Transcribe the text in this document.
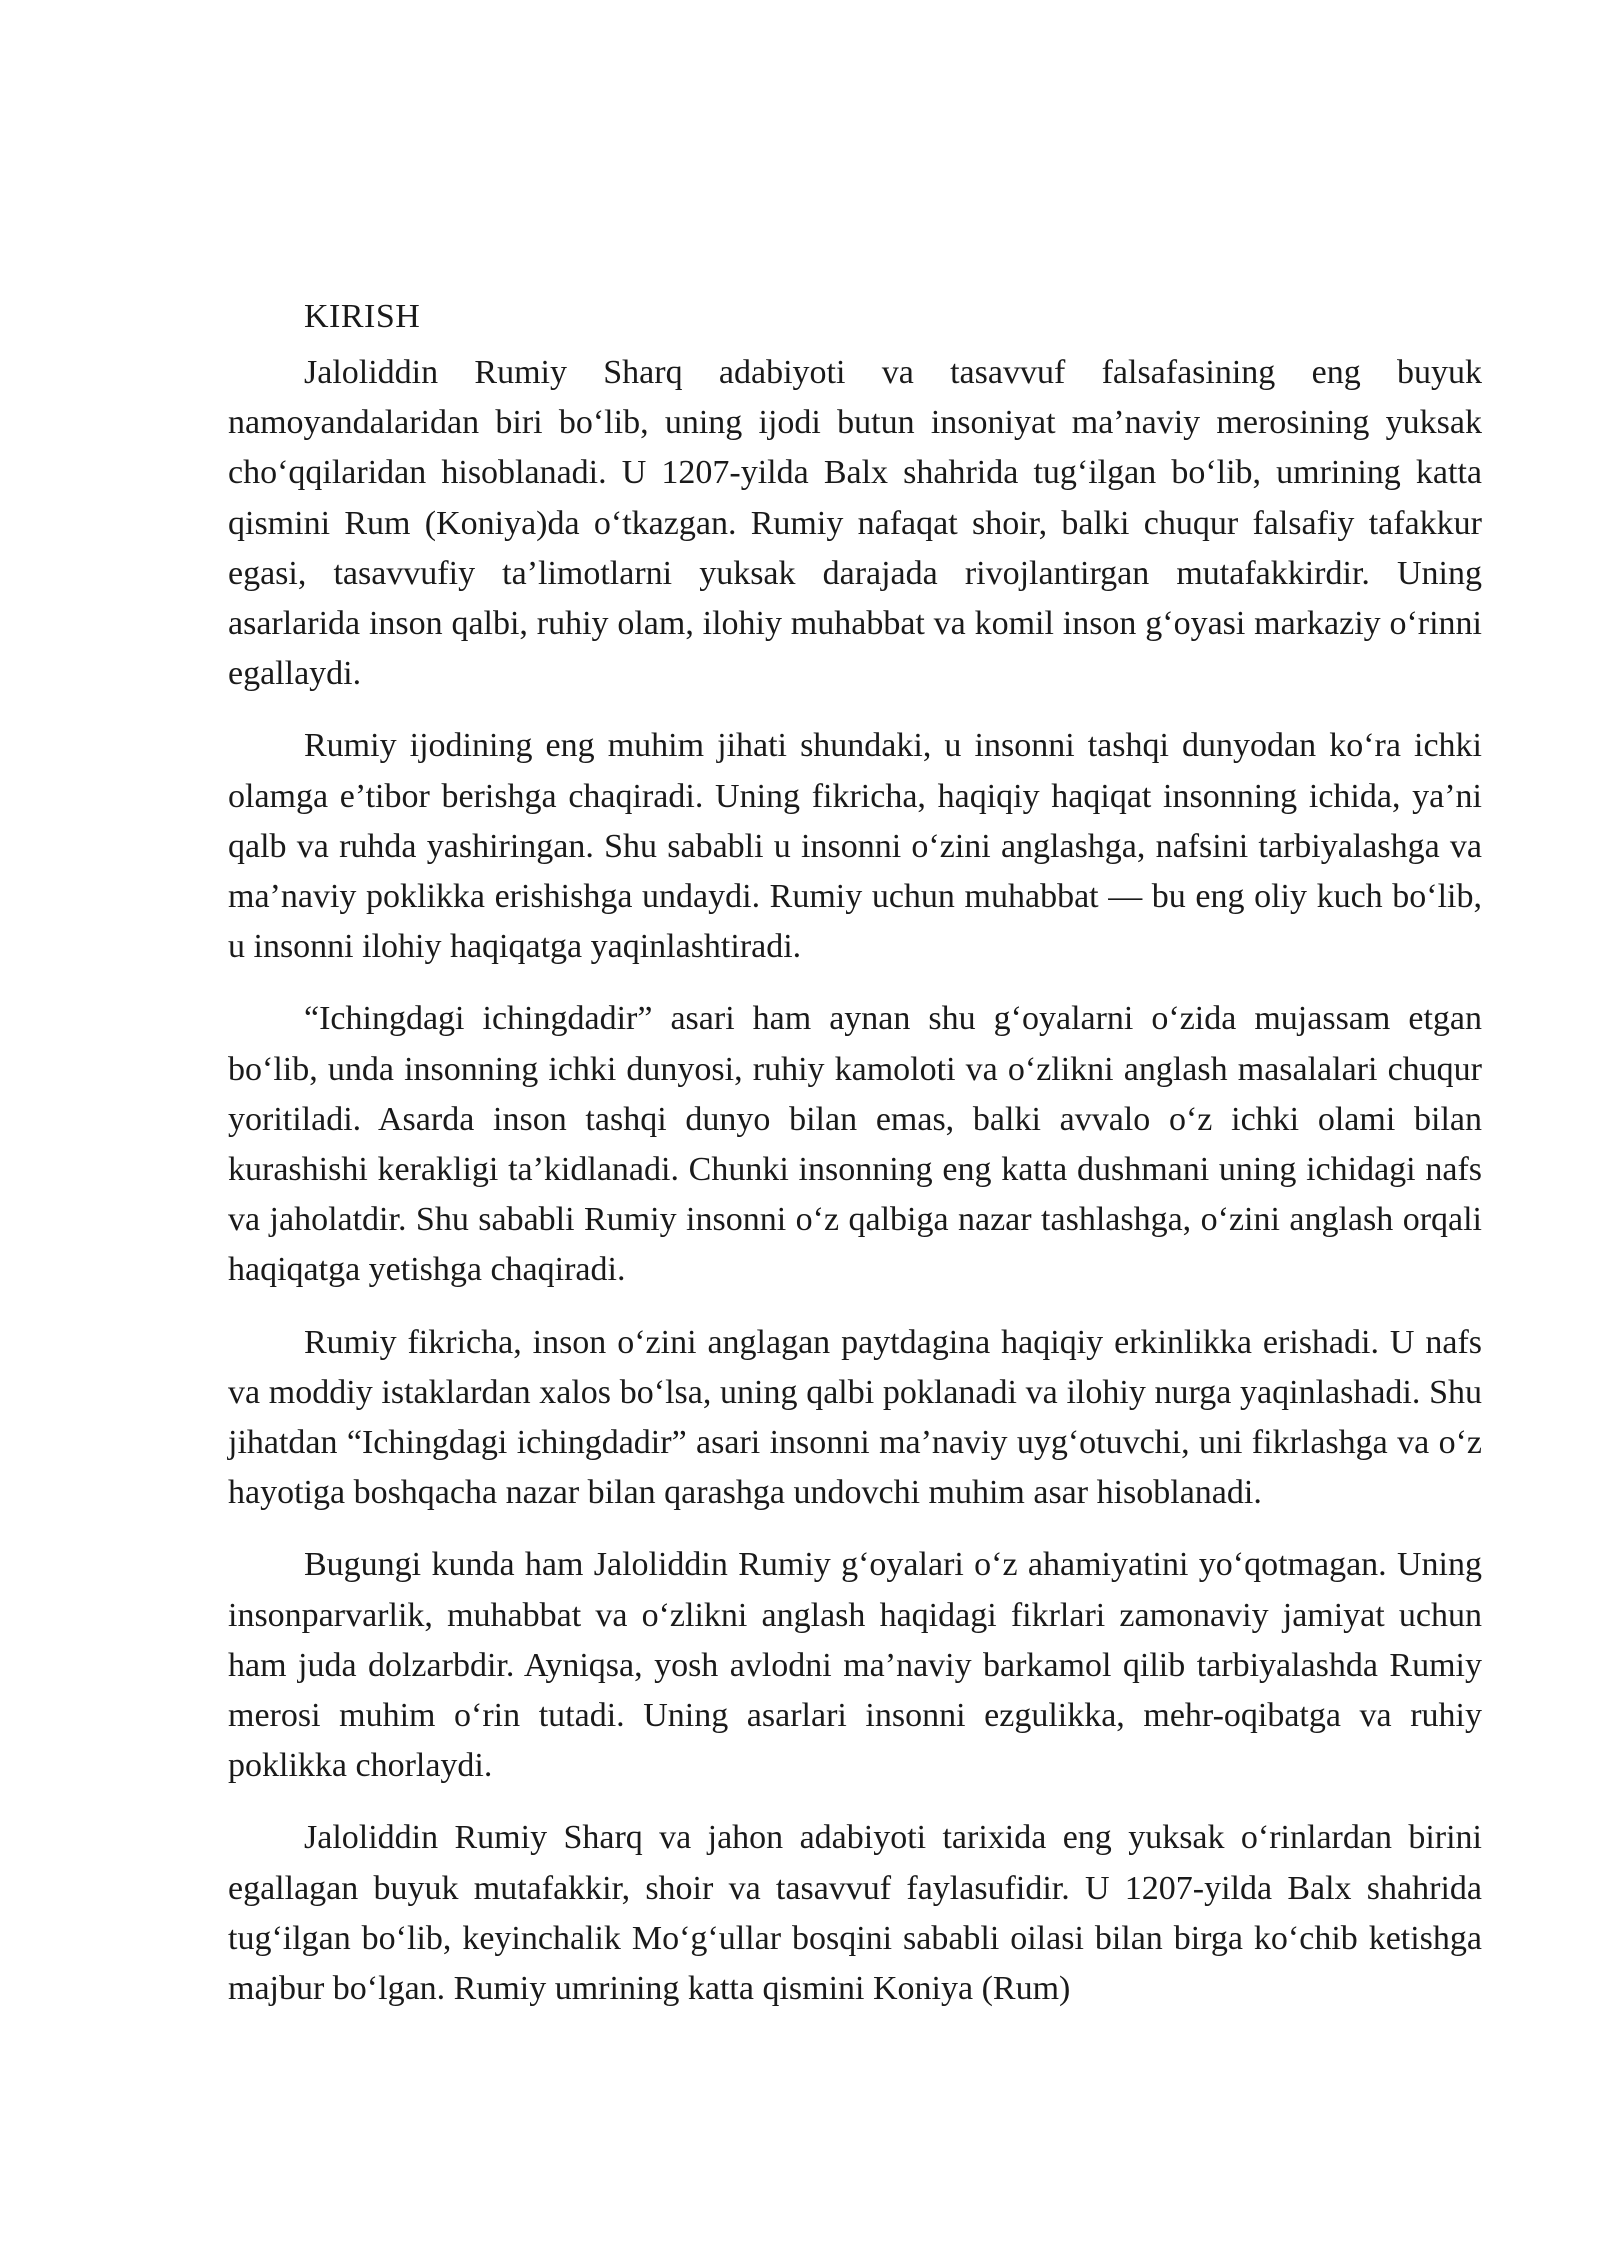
KIRISH

Jaloliddin Rumiy Sharq adabiyoti va tasavvuf falsafasining eng buyuk namoyandalaridan biri bo‘lib, uning ijodi butun insoniyat ma’naviy merosining yuksak cho‘qqilaridan hisoblanadi. U 1207-yilda Balx shahrida tug‘ilgan bo‘lib, umrining katta qismini Rum (Koniya)da o‘tkazgan. Rumiy nafaqat shoir, balki chuqur falsafiy tafakkur egasi, tasavvufiy ta’limotlarni yuksak darajada rivojlantirgan mutafakkirdir. Uning asarlarida inson qalbi, ruhiy olam, ilohiy muhabbat va komil inson g‘oyasi markaziy o‘rinni egallaydi.

Rumiy ijodining eng muhim jihati shundaki, u insonni tashqi dunyodan ko‘ra ichki olamga e’tibor berishga chaqiradi. Uning fikricha, haqiqiy haqiqat insonning ichida, ya’ni qalb va ruhda yashiringan. Shu sababli u insonni o‘zini anglashga, nafsini tarbiyalashga va ma’naviy poklikka erishishga undaydi. Rumiy uchun muhabbat — bu eng oliy kuch bo‘lib, u insonni ilohiy haqiqatga yaqinlashtiradi.

“Ichingdagi ichingdadir” asari ham aynan shu g‘oyalarni o‘zida mujassam etgan bo‘lib, unda insonning ichki dunyosi, ruhiy kamoloti va o‘zlikni anglash masalalari chuqur yoritiladi. Asarda inson tashqi dunyo bilan emas, balki avvalo o‘z ichki olami bilan kurashishi kerakligi ta’kidlanadi. Chunki insonning eng katta dushmani uning ichidagi nafs va jaholatdir. Shu sababli Rumiy insonni o‘z qalbiga nazar tashlashga, o‘zini anglash orqali haqiqatga yetishga chaqiradi.

Rumiy fikricha, inson o‘zini anglagan paytdagina haqiqiy erkinlikka erishadi. U nafs va moddiy istaklardan xalos bo‘lsa, uning qalbi poklanadi va ilohiy nurga yaqinlashadi. Shu jihatdan “Ichingdagi ichingdadir” asari insonni ma’naviy uyg‘otuvchi, uni fikrlashga va o‘z hayotiga boshqacha nazar bilan qarashga undovchi muhim asar hisoblanadi.

Bugungi kunda ham Jaloliddin Rumiy g‘oyalari o‘z ahamiyatini yo‘qotmagan. Uning insonparvarlik, muhabbat va o‘zlikni anglash haqidagi fikrlari zamonaviy jamiyat uchun ham juda dolzarbdir. Ayniqsa, yosh avlodni ma’naviy barkamol qilib tarbiyalashda Rumiy merosi muhim o‘rin tutadi. Uning asarlari insonni ezgulikka, mehr-oqibatga va ruhiy poklikka chorlaydi.

Jaloliddin Rumiy Sharq va jahon adabiyoti tarixida eng yuksak o‘rinlardan birini egallagan buyuk mutafakkir, shoir va tasavvuf faylasufidir. U 1207-yilda Balx shahrida tug‘ilgan bo‘lib, keyinchalik Mo‘g‘ullar bosqini sababli oilasi bilan birga ko‘chib ketishga majbur bo‘lgan. Rumiy umrining katta qismini Koniya (Rum)
